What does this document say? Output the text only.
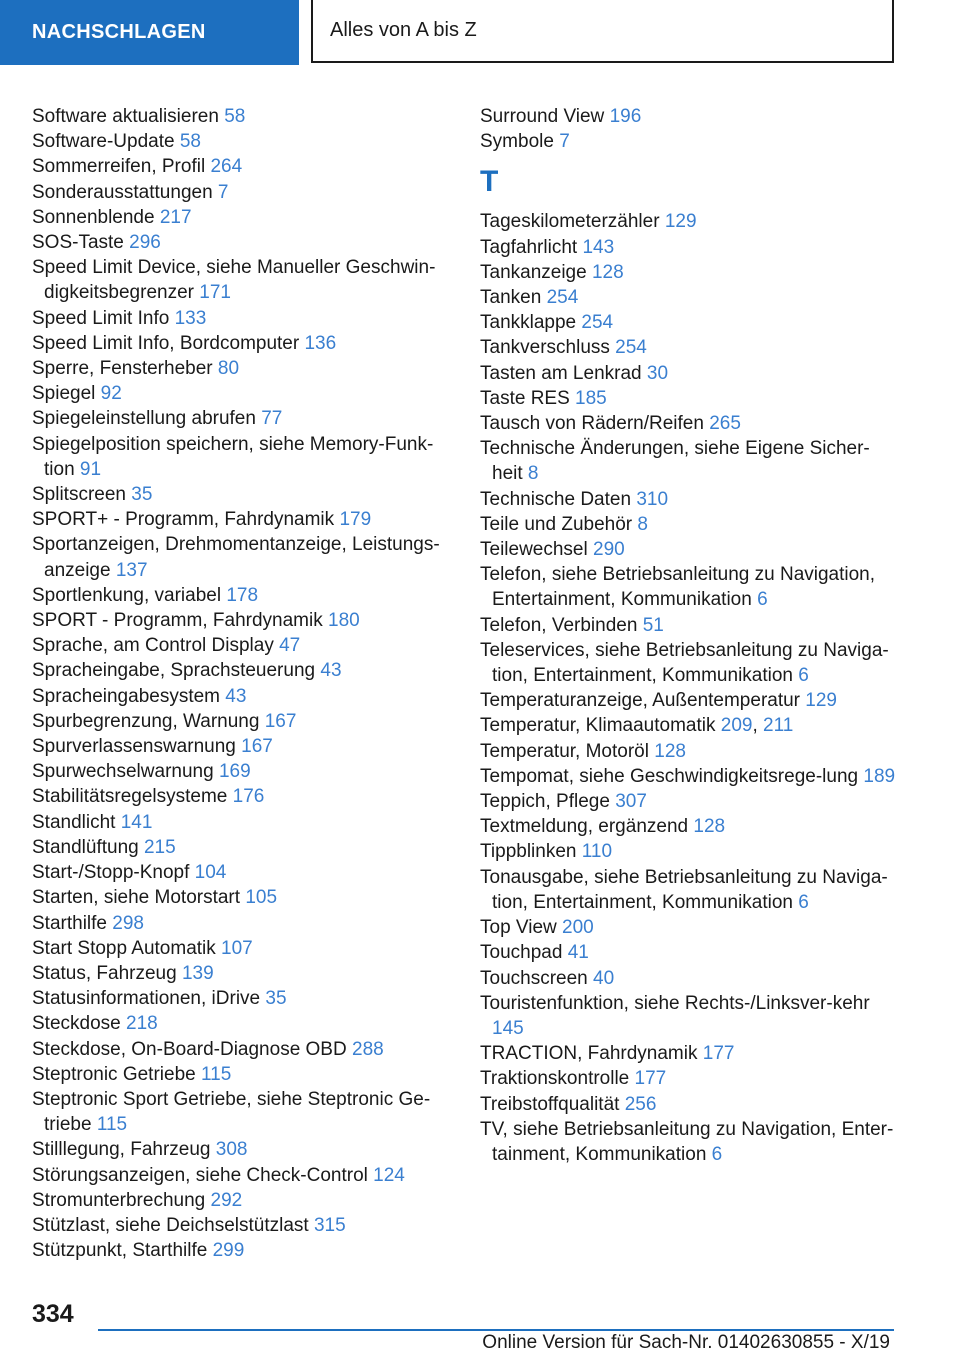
NACHSCHLAGEN	Alles von A bis Z
Software aktualisieren 58
Software-Update 58
Sommerreifen, Profil 264
Sonderausstattungen 7
Sonnenblende 217
SOS-Taste 296
Speed Limit Device, siehe Manueller Geschwin‐digkeitsbegrenzer 171
Speed Limit Info 133
Speed Limit Info, Bordcomputer 136
Sperre, Fensterheber 80
Spiegel 92
Spiegeleinstellung abrufen 77
Spiegelposition speichern, siehe Memory-Funk‐tion 91
Splitscreen 35
SPORT+ - Programm, Fahrdynamik 179
Sportanzeigen, Drehmomentanzeige, Leistungs‐anzeige 137
Sportlenkung, variabel 178
SPORT - Programm, Fahrdynamik 180
Sprache, am Control Display 47
Spracheingabe, Sprachsteuerung 43
Spracheingabesystem 43
Spurbegrenzung, Warnung 167
Spurverlassenswarnung 167
Spurwechselwarnung 169
Stabilitätsregelsysteme 176
Standlicht 141
Standlüftung 215
Start-/Stopp-Knopf 104
Starten, siehe Motorstart 105
Starthilfe 298
Start Stopp Automatik 107
Status, Fahrzeug 139
Statusinformationen, iDrive 35
Steckdose 218
Steckdose, On-Board-Diagnose OBD 288
Steptronic Getriebe 115
Steptronic Sport Getriebe, siehe Steptronic Ge‐triebe 115
Stilllegung, Fahrzeug 308
Störungsanzeigen, siehe Check-Control 124
Stromunterbrechung 292
Stützlast, siehe Deichselstützlast 315
Stützpunkt, Starthilfe 299
Surround View 196
Symbole 7
T
Tageskilometerzähler 129
Tagfahrlicht 143
Tankanzeige 128
Tanken 254
Tankklappe 254
Tankverschluss 254
Tasten am Lenkrad 30
Taste RES 185
Tausch von Rädern/Reifen 265
Technische Änderungen, siehe Eigene Sicher‐heit 8
Technische Daten 310
Teile und Zubehör 8
Teilewechsel 290
Telefon, siehe Betriebsanleitung zu Navigation, Entertainment, Kommunikation 6
Telefon, Verbinden 51
Teleservices, siehe Betriebsanleitung zu Naviga‐tion, Entertainment, Kommunikation 6
Temperaturanzeige, Außentemperatur 129
Temperatur, Klimaautomatik 209, 211
Temperatur, Motoröl 128
Tempomat, siehe Geschwindigkeitsrege‐lung 189
Teppich, Pflege 307
Textmeldung, ergänzend 128
Tippblinken 110
Tonausgabe, siehe Betriebsanleitung zu Naviga‐tion, Entertainment, Kommunikation 6
Top View 200
Touchpad 41
Touchscreen 40
Touristenfunktion, siehe Rechts-/Linksver‐kehr 145
TRACTION, Fahrdynamik 177
Traktionskontrolle 177
Treibstoffqualität 256
TV, siehe Betriebsanleitung zu Navigation, Enter‐tainment, Kommunikation 6
334
Online Version für Sach-Nr. 01402630855 - X/19
